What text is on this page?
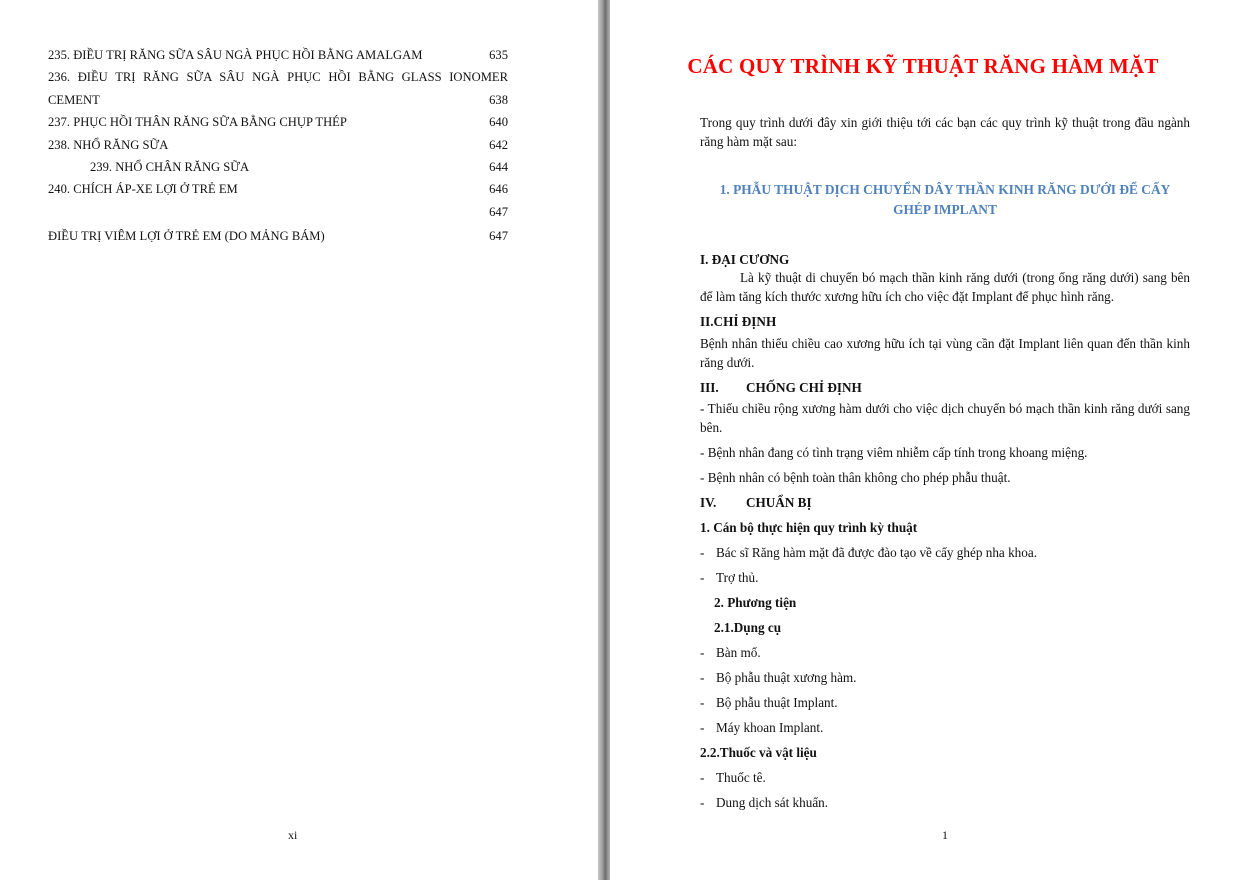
235. ĐIỀU TRỊ RĂNG SỮA SÂU NGÀ PHỤC HỒI BẰNG AMALGAM	635
236. ĐIỀU TRỊ RĂNG SỮA SÂU NGÀ PHỤC HỒI BẰNG GLASS IONOMER
CEMENT	638
237. PHỤC HỒI THÂN RĂNG SỮA BẰNG CHỤP THÉP	640
238. NHỔ RĂNG SỮA	642
239. NHỔ CHÂN RĂNG SỮA	644
240. CHÍCH ÁP-XE LỢI Ở TRẺ EM	646
647
ĐIỀU TRỊ VIÊM LỢI Ở TRẺ EM (DO MẢNG BÁM)	647
xi
CÁC QUY TRÌNH KỸ THUẬT RĂNG HÀM MẶT
Trong quy trình dưới đây xin giới thiệu tới các bạn các quy trình kỹ thuật trong đầu ngành răng hàm mặt sau:
1. PHẪU THUẬT DỊCH CHUYỂN DÂY THẦN KINH RĂNG DƯỚI ĐỂ CẤY GHÉP IMPLANT
I. ĐẠI CƯƠNG

Là kỹ thuật di chuyển bó mạch thần kinh răng dưới (trong ống răng dưới) sang bên để làm tăng kích thước xương hữu ích cho việc đặt Implant để phục hình răng.

II.CHỈ ĐỊNH

Bệnh nhân thiếu chiều cao xương hữu ích tại vùng cần đặt Implant liên quan đến thần kinh răng dưới.

III.	CHỐNG CHỈ ĐỊNH

- Thiếu chiều rộng xương hàm dưới cho việc dịch chuyển bó mạch thần kinh răng dưới sang bên.

- Bệnh nhân đang có tình trạng viêm nhiễm cấp tính trong khoang miệng.
- Bệnh nhân có bệnh toàn thân không cho phép phẫu thuật.
IV.	CHUẨN BỊ
1. Cán bộ thực hiện quy trình kỳ thuật
- Bác sĩ Răng hàm mặt đã được đào tạo về cấy ghép nha khoa.
- Trợ thủ.
2. Phương tiện
2.1.Dụng cụ
- Bàn mổ.
- Bộ phẫu thuật xương hàm.
- Bộ phẫu thuật Implant.
- Máy khoan Implant.
2.2.Thuốc và vật liệu
- Thuốc tê.
- Dung dịch sát khuẩn.
1
